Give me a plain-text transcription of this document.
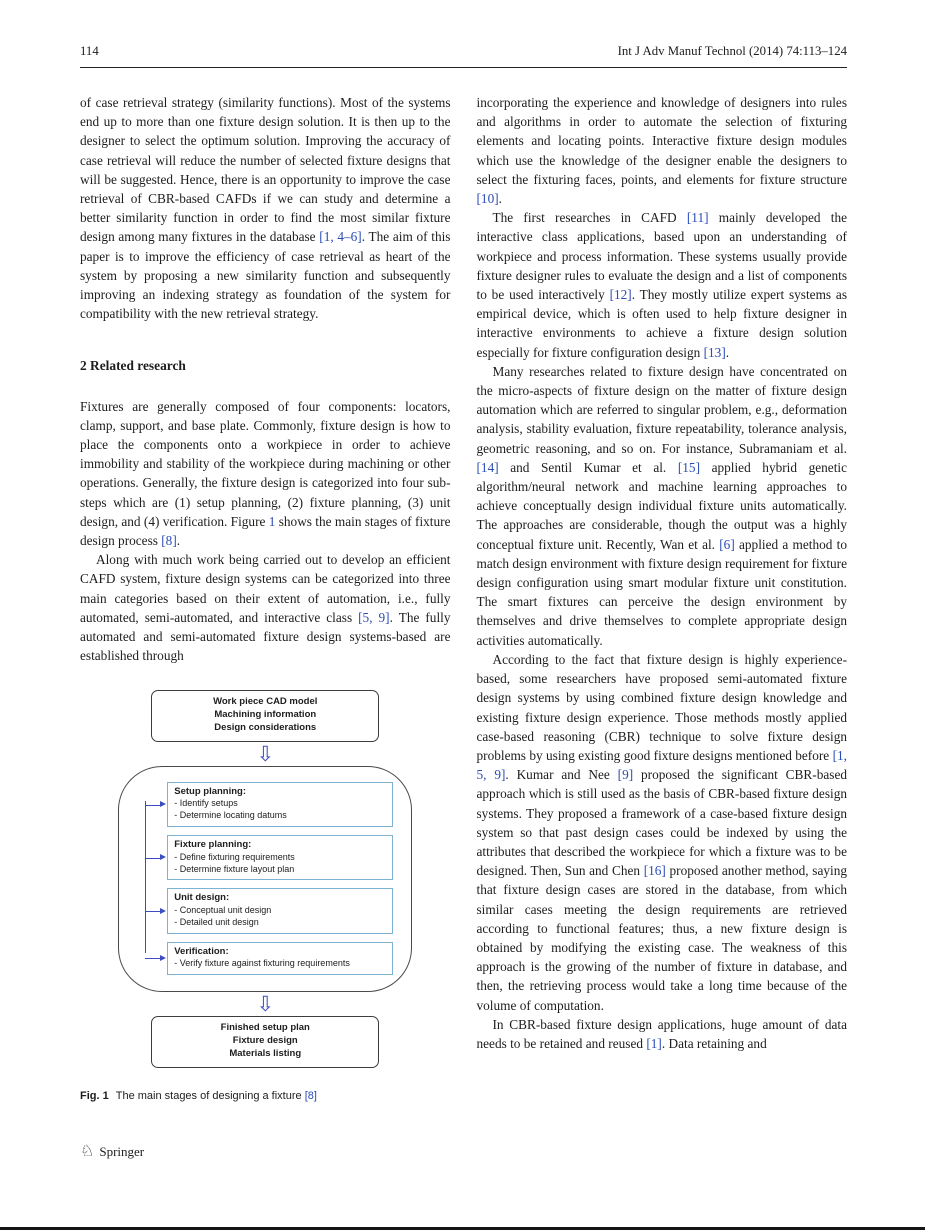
114	Int J Adv Manuf Technol (2014) 74:113–124

of case retrieval strategy (similarity functions). Most of the systems end up to more than one fixture design solution. It is then up to the designer to select the optimum solution. Improving the accuracy of case retrieval will reduce the number of selected fixture designs that will be suggested. Hence, there is an opportunity to improve the case retrieval of CBR-based CAFDs if we can study and determine a better similarity function in order to find the most similar fixture design among many fixtures in the database [1, 4–6]. The aim of this paper is to improve the efficiency of case retrieval as heart of the system by proposing a new similarity function and subsequently improving an indexing strategy as foundation of the system for compatibility with the new retrieval strategy.

2 Related research

Fixtures are generally composed of four components: locators, clamp, support, and base plate. Commonly, fixture design is how to place the components onto a workpiece in order to achieve immobility and stability of the workpiece during machining or other operations. Generally, the fixture design is categorized into four sub-steps which are (1) setup planning, (2) fixture planning, (3) unit design, and (4) verification. Figure 1 shows the main stages of fixture design process [8].

Along with much work being carried out to develop an efficient CAFD system, fixture design systems can be categorized into three main categories based on their extent of automation, i.e., fully automated, semi-automated, and interactive class [5, 9]. The fully automated and semi-automated fixture design systems-based are established through

Work piece CAD model
Machining information
Design considerations
⇩
Setup planning:
- Identify setups
- Determine locating datums
Fixture planning:
- Define fixturing requirements
- Determine fixture layout plan
Unit design:
- Conceptual unit design
- Detailed unit design
Verification:
- Verify fixture against fixturing requirements
⇩
Finished setup plan
Fixture design
Materials listing
Fig. 1 The main stages of designing a fixture [8]

incorporating the experience and knowledge of designers into rules and algorithms in order to automate the selection of fixturing elements and locating points. Interactive fixture design modules which use the knowledge of the designer enable the designers to select the fixturing faces, points, and elements for fixture structure [10].

The first researches in CAFD [11] mainly developed the interactive class applications, based upon an understanding of workpiece and process information. These systems usually provide fixture designer rules to evaluate the design and a list of components to be used interactively [12]. They mostly utilize expert systems as empirical device, which is often used to help fixture designer in interactive environments to achieve a fixture design solution especially for fixture configuration design [13].

Many researches related to fixture design have concentrated on the micro-aspects of fixture design on the matter of fixture design automation which are referred to singular problem, e.g., deformation analysis, stability evaluation, fixture repeatability, tolerance analysis, geometric reasoning, and so on. For instance, Subramaniam et al. [14] and Sentil Kumar et al. [15] applied hybrid genetic algorithm/neural network and machine learning approaches to achieve conceptually design individual fixture units automatically. The approaches are considerable, though the output was a highly conceptual fixture unit. Recently, Wan et al. [6] applied a method to match design environment with fixture design requirement for fixture design configuration using smart modular fixture unit constitution. The smart fixtures can perceive the design environment by themselves and drive themselves to complete appropriate design activities automatically.

According to the fact that fixture design is highly experience-based, some researchers have proposed semi-automated fixture design systems by using combined fixture design knowledge and existing fixture design experience. Those methods mostly applied case-based reasoning (CBR) technique to solve fixture design problems by using existing good fixture designs mentioned before [1, 5, 9]. Kumar and Nee [9] proposed the significant CBR-based approach which is still used as the basis of CBR-based fixture design systems. They proposed a framework of a case-based fixture design system so that past design cases could be indexed by using the attributes that described the workpiece for which a fixture was to be designed. Then, Sun and Chen [16] proposed another method, saying that fixture design cases are stored in the database, from which similar cases meeting the design requirements are retrieved according to functional features; thus, a new fixture design is obtained by modifying the existing case. The weakness of this approach is the growing of the number of fixture in database, and then, the retrieving process would take a long time because of the volume of computation.

In CBR-based fixture design applications, huge amount of data needs to be retained and reused [1]. Data retaining and

♘ Springer
